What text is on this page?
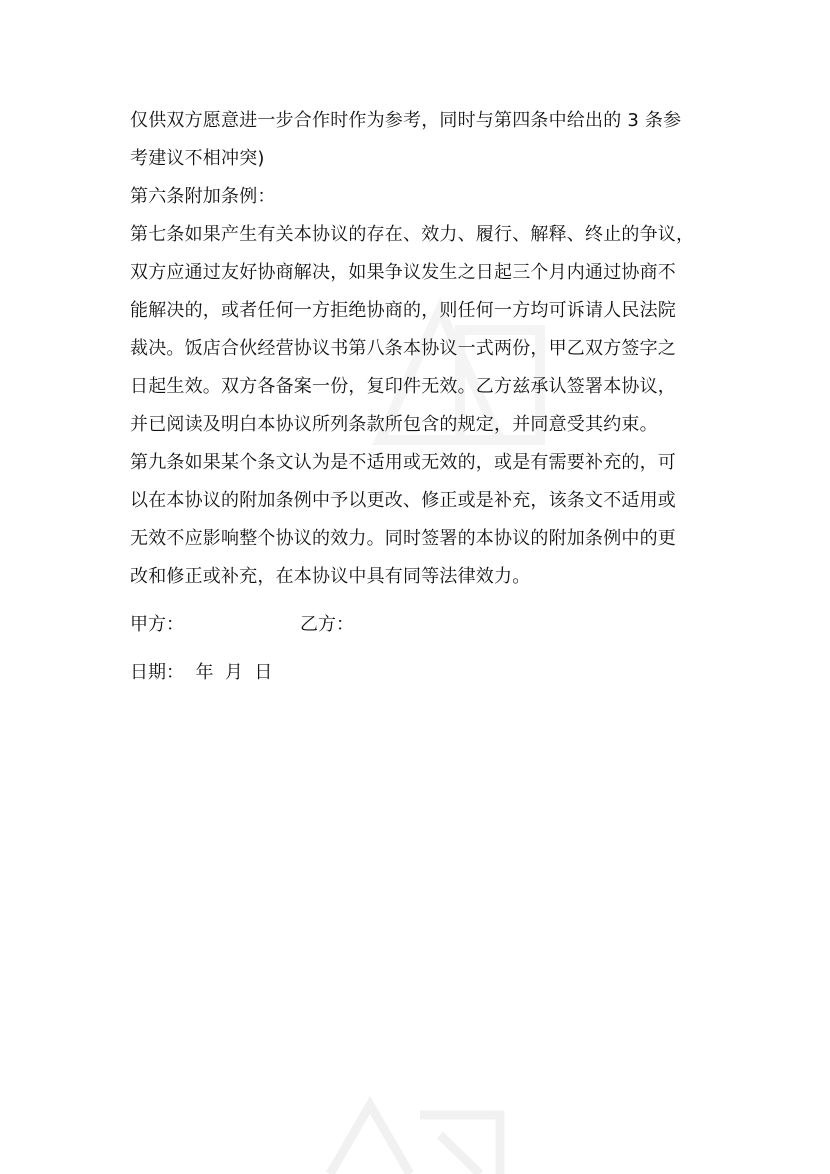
仅供双方愿意进一步合作时作为参考，同时与第四条中给出的 3 条参
考建议不相冲突)
第六条附加条例：
第七条如果产生有关本协议的存在、效力、履行、解释、终止的争议，
双方应通过友好协商解决，如果争议发生之日起三个月内通过协商不
能解决的，或者任何一方拒绝协商的，则任何一方均可诉请人民法院
裁决。饭店合伙经营协议书第八条本协议一式两份，甲乙双方签字之
日起生效。双方各备案一份，复印件无效。乙方兹承认签署本协议，
并已阅读及明白本协议所列条款所包含的规定，并同意受其约束。
第九条如果某个条文认为是不适用或无效的，或是有需要补充的，可
以在本协议的附加条例中予以更改、修正或是补充，该条文不适用或
无效不应影响整个协议的效力。同时签署的本协议的附加条例中的更
改和修正或补充，在本协议中具有同等法律效力。
甲方：	乙方：
日期：  年  月  日
